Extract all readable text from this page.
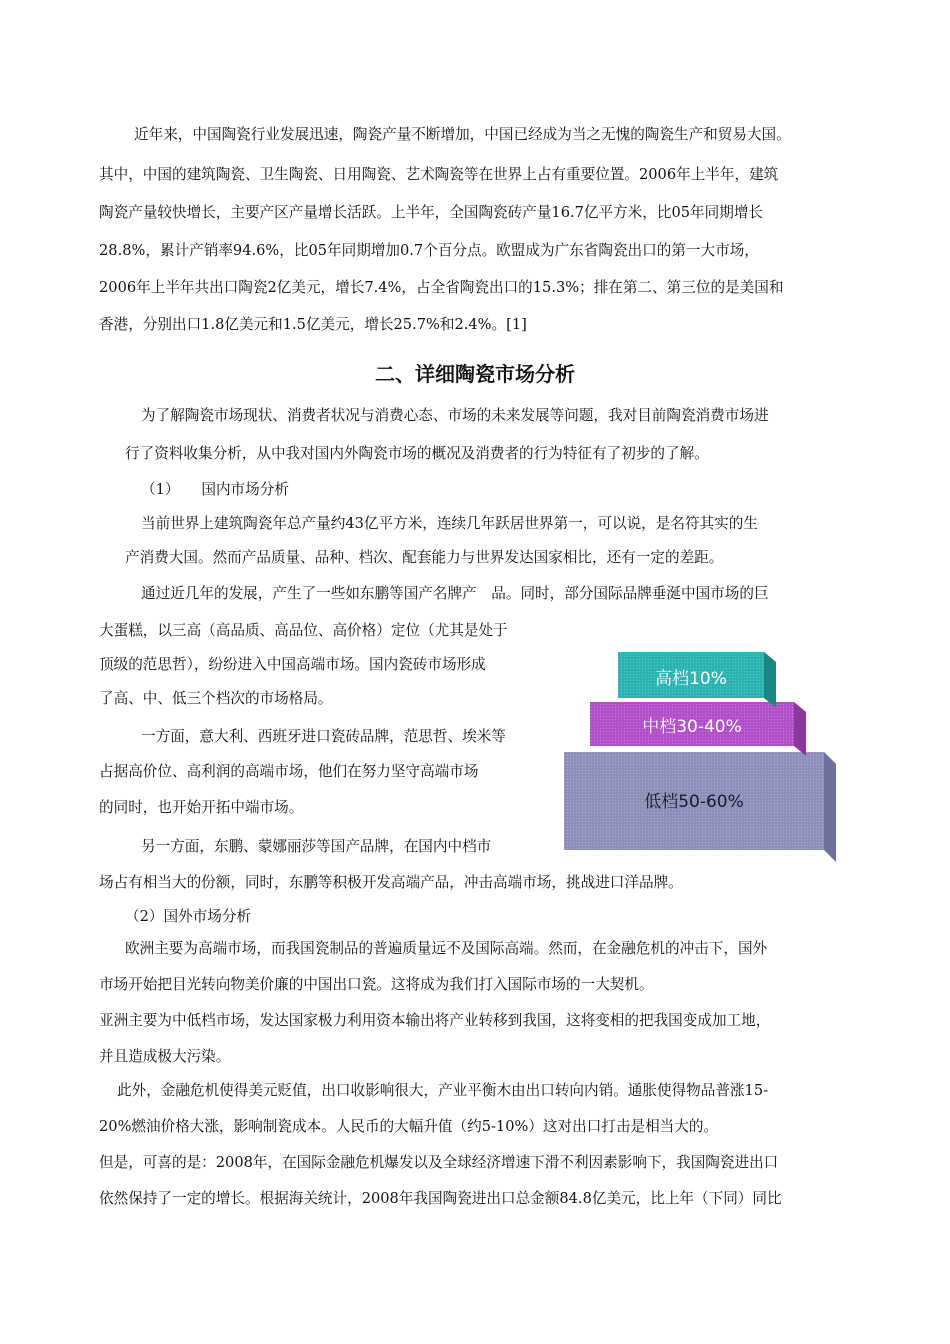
近年来，中国陶瓷行业发展迅速，陶瓷产量不断增加，中国已经成为当之无愧的陶瓷生产和贸易大国。
其中，中国的建筑陶瓷、卫生陶瓷、日用陶瓷、艺术陶瓷等在世界上占有重要位置。2006年上半年，建筑
陶瓷产量较快增长，主要产区产量增长活跃。上半年，全国陶瓷砖产量16.7亿平方米，比05年同期增长
28.8%，累计产销率94.6%，比05年同期增加0.7个百分点。欧盟成为广东省陶瓷出口的第一大市场，
2006年上半年共出口陶瓷2亿美元，增长7.4%，占全省陶瓷出口的15.3%；排在第二、第三位的是美国和
香港，分别出口1.8亿美元和1.5亿美元，增长25.7%和2.4%。[1]
二、详细陶瓷市场分析
为了解陶瓷市场现状、消费者状况与消费心态、市场的未来发展等问题，我对目前陶瓷消费市场进
行了资料收集分析，从中我对国内外陶瓷市场的概况及消费者的行为特征有了初步的了解。
（1）　　国内市场分析
当前世界上建筑陶瓷年总产量约43亿平方米，连续几年跃居世界第一，可以说，是名符其实的生
产消费大国。然而产品质量、品种、档次、配套能力与世界发达国家相比，还有一定的差距。
通过近几年的发展，产生了一些如东鹏等国产名牌产　品。同时，部分国际品牌垂涎中国市场的巨
大蛋糕，以三高（高品质、高品位、高价格）定位（尤其是处于
顶级的范思哲），纷纷进入中国高端市场。国内瓷砖市场形成
了高、中、低三个档次的市场格局。
一方面，意大利、西班牙进口瓷砖品牌，范思哲、埃米等
占据高价位、高利润的高端市场，他们在努力坚守高端市场
的同时，也开始开拓中端市场。
另一方面，东鹏、蒙娜丽莎等国产品牌，在国内中档市
场占有相当大的份额，同时，东鹏等积极开发高端产品，冲击高端市场，挑战进口洋品牌。
（2）国外市场分析
欧洲主要为高端市场，而我国瓷制品的普遍质量远不及国际高端。然而，在金融危机的冲击下，国外
市场开始把目光转向物美价廉的中国出口瓷。这将成为我们打入国际市场的一大契机。
亚洲主要为中低档市场，发达国家极力利用资本输出将产业转移到我国，这将变相的把我国变成加工地，
并且造成极大污染。
此外，金融危机使得美元贬值，出口收影响很大，产业平衡木由出口转向内销。通胀使得物品普涨15-
20%燃油价格大涨，影响制瓷成本。人民币的大幅升值（约5-10%）这对出口打击是相当大的。
但是，可喜的是：2008年，在国际金融危机爆发以及全球经济增速下滑不利因素影响下，我国陶瓷进出口
依然保持了一定的增长。根据海关统计，2008年我国陶瓷进出口总金额84.8亿美元，比上年（下同）同比
低档50-60%
中档30-40%
高档10%
